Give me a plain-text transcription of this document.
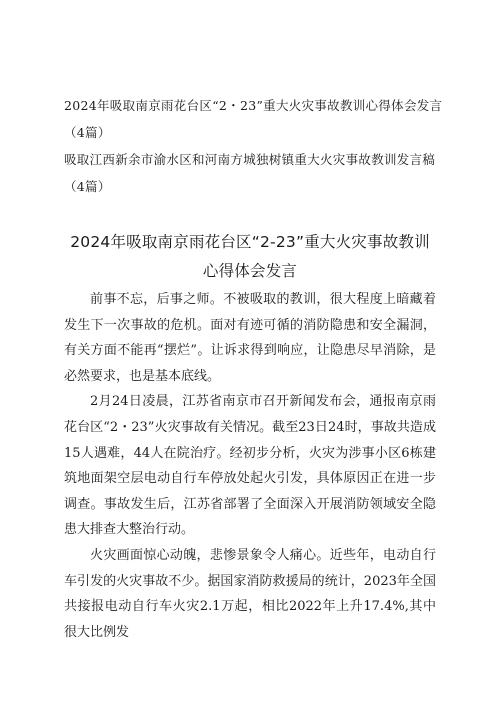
2024年吸取南京雨花台区“2・23”重大火灾事故教训心得体会发言（4篇）
吸取江西新余市渝水区和河南方城独树镇重大火灾事故教训发言稿（4篇）
2024年吸取南京雨花台区“2-23”重大火灾事故教训
心得体会发言

前事不忘，后事之师。不被吸取的教训，很大程度上暗藏着发生下一次事故的危机。面对有迹可循的消防隐患和安全漏洞，有关方面不能再“摆烂”。让诉求得到响应，让隐患尽早消除，是必然要求，也是基本底线。

2月24日凌晨，江苏省南京市召开新闻发布会，通报南京雨花台区“2・23”火灾事故有关情况。截至23日24时，事故共造成15人遇难，44人在院治疗。经初步分析，火灾为涉事小区6栋建筑地面架空层电动自行车停放处起火引发，具体原因正在进一步调查。事故发生后，江苏省部署了全面深入开展消防领域安全隐患大排查大整治行动。

火灾画面惊心动魄，悲惨景象令人痛心。近些年，电动自行车引发的火灾事故不少。据国家消防救援局的统计，2023年全国共接报电动自行车火灾2.1万起，相比2022年上升17.4%,其中很大比例发
